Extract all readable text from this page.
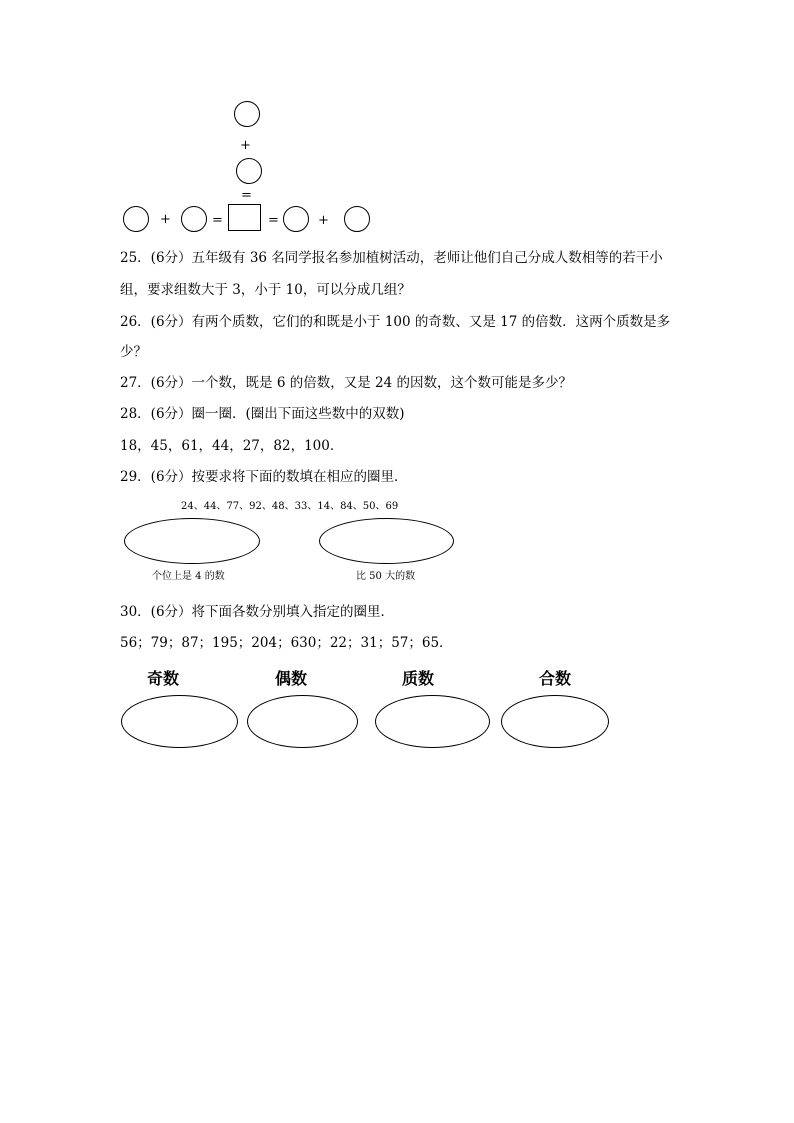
+
=
+	=	=	+
25．(6分）五年级有 36 名同学报名参加植树活动，老师让他们自己分成人数相等的若干小
组，要求组数大于 3，小于 10，可以分成几组？
26．(6分）有两个质数，它们的和既是小于 100 的奇数、又是 17 的倍数．这两个质数是多
少？
27．(6分）一个数，既是 6 的倍数，又是 24 的因数，这个数可能是多少？
28．(6分）圈一圈．(圈出下面这些数中的双数)
18，45，61，44，27，82，100．
29．(6分）按要求将下面的数填在相应的圈里．
24、44、77、92、48、33、14、84、50、69
个位上是 4 的数	比 50 大的数
30．(6分）将下面各数分别填入指定的圈里．
56；79；87；195；204；630；22；31；57；65．
奇数	偶数	质数	合数
